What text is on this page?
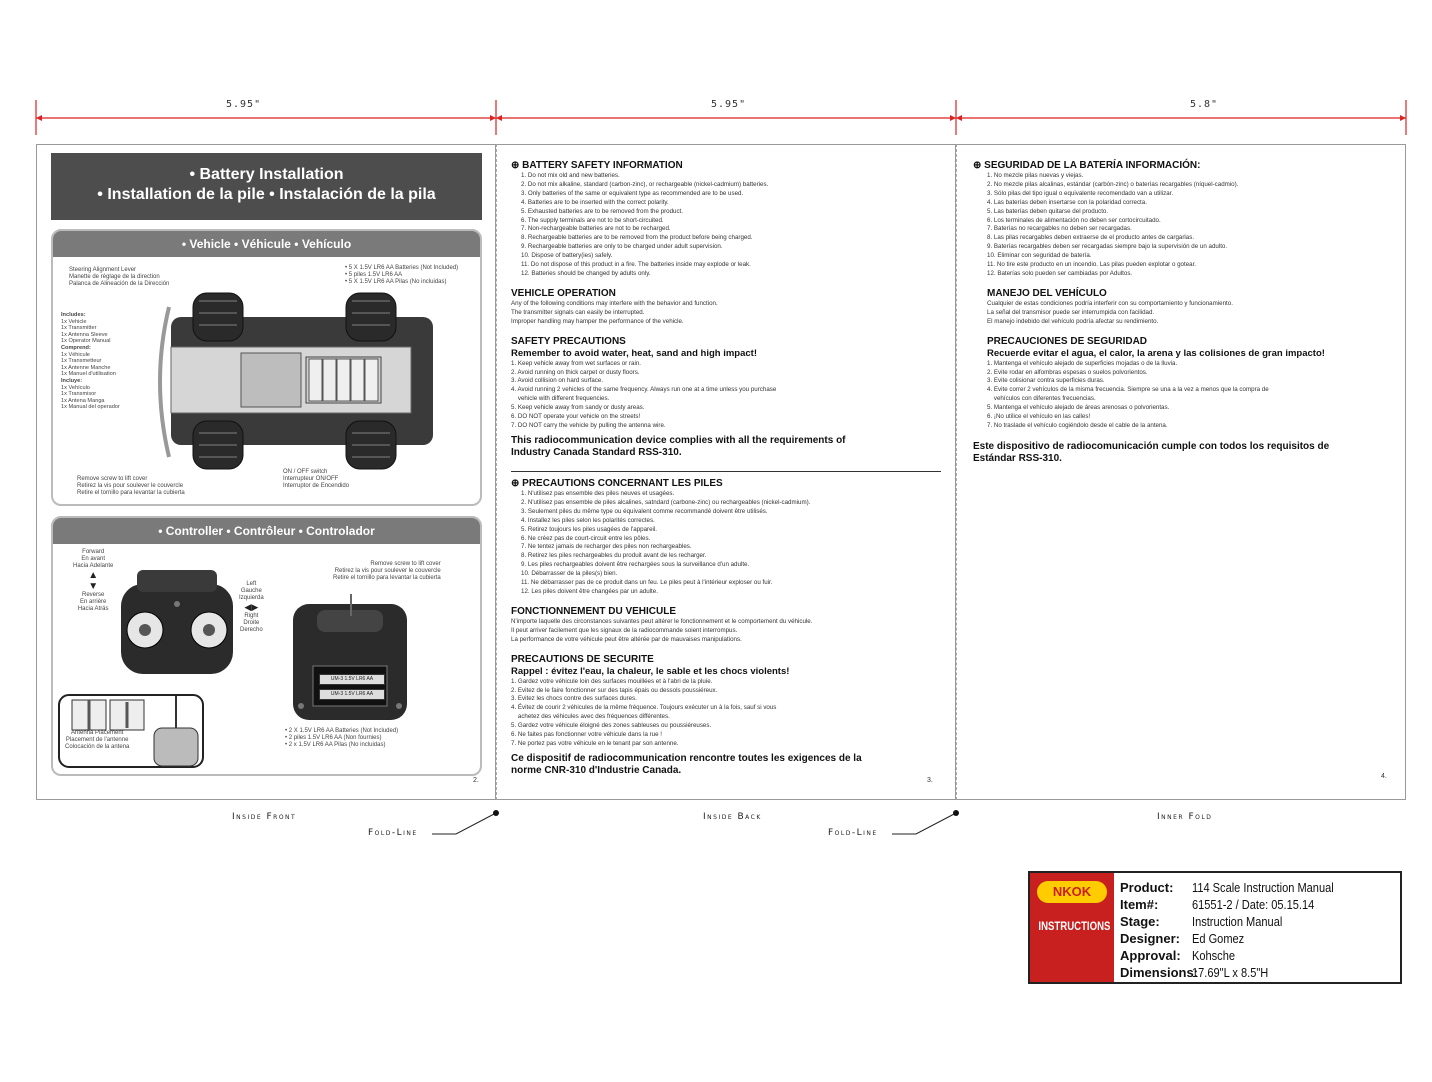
5.95"	5.95"	5.8"
• Battery Installation
• Installation de la pile • Instalación de la pila
• Vehicle • Véhicule • Vehículo
Steering Alignment Lever
Manette de réglage de la direction
Palanca de Alineación de la Dirección
• 5 X 1.5V LR6 AA Batteries (Not Included)
• 5 piles 1.5V LR6 AA
• 5 X 1.5V LR6 AA Pilas (No incluidas)
Includes:
1x Vehicle
1x Transmitter
1x Antenna Sleeve
1x Operator Manual
Comprend:
1x Véhicule
1x Transmetteur
1x Antenne Manche
1x Manuel d'utilisation
Incluye:
1x Vehículo
1x Transmisor
1x Antena Manga
1x Manual del operador
Remove screw to lift cover
Retirez la vis pour soulever le couvercle
Retire el tornillo para levantar la cubierta
ON / OFF switch
Interrupteur ON/OFF
Interruptor de Encendido
• Controller • Contrôleur • Controlador
Forward
En avant
Hacia Adelante
▲
▼
Reverse
En arrière
Hacia Atrás
Left
Gauche
Izquierda
◀▶
Right
Droite
Derecho
Remove screw to lift cover
Retirez la vis pour soulever le couvercle
Retire el tornillo para levantar la cubierta
UM-3 1.5V LR6 AA
UM-3 1.5V LR6 AA
Antenna Placement
Placement de l'antenne
Colocación de la antena
• 2 X 1.5V LR6 AA Batteries (Not Included)
• 2 piles 1.5V LR6 AA (Non fournies)
• 2 x 1.5V LR6 AA Pilas (No incluidas)
2.
⊕ BATTERY SAFETY INFORMATION
1. Do not mix old and new batteries.
2. Do not mix alkaline, standard (carbon-zinc), or rechargeable (nickel-cadmium) batteries.
3. Only batteries of the same or equivalent type as recommended are to be used.
4. Batteries are to be inserted with the correct polarity.
5. Exhausted batteries are to be removed from the product.
6. The supply terminals are not to be short-circuited.
7. Non-rechargeable batteries are not to be recharged.
8. Rechargeable batteries are to be removed from the product before being charged.
9. Rechargeable batteries are only to be charged under adult supervision.
10. Dispose of battery(ies) safely.
11. Do not dispose of this product in a fire. The batteries inside may explode or leak.
12. Batteries should be changed by adults only.
VEHICLE OPERATION
Any of the following conditions may interfere with the behavior and function.
The transmitter signals can easily be interrupted.
Improper handling may hamper the performance of the vehicle.
SAFETY PRECAUTIONS
Remember to avoid water, heat, sand and high impact!
1. Keep vehicle away from wet surfaces or rain.
2. Avoid running on thick carpet or dusty floors.
3. Avoid collision on hard surface.
4. Avoid running 2 vehicles of the same frequency. Always run one at a time unless you purchase
vehicle with different frequencies.
5. Keep vehicle away from sandy or dusty areas.
6. DO NOT operate your vehicle on the streets!
7. DO NOT carry the vehicle by pulling the antenna wire.
This radiocommunication device complies with all the requirements of Industry Canada Standard RSS-310.
⊕ PRECAUTIONS CONCERNANT LES PILES
1. N'utilisez pas ensemble des piles neuves et usagées.
2. N'utilisez pas ensemble de piles alcalines, satndard (carbone-zinc) ou rechargeables (nickel-cadmium).
3. Seulement piles du même type ou équivalent comme recommandé doivent être utilisés.
4. Installez les piles selon les polarités correctes.
5. Retirez toujours les piles usagées de l'appareil.
6. Ne créez pas de court-circuit entre les pôles.
7. Ne tentez jamais de recharger des piles non rechargeables.
8. Retirez les piles rechargeables du produit avant de les recharger.
9. Les piles rechargeables doivent être rechargées sous la surveillance d'un adulte.
10. Débarrasser de la piles(s) bien.
11. Ne débarrasser pas de ce produit dans un feu. Le piles peut à l'intérieur exploser ou fuir.
12. Les piles doivent être changées par un adulte.
FONCTIONNEMENT DU VEHICULE
N'importe laquelle des circonstances suivantes peut altérer le fonctionnement et le comportement du véhicule.
Il peut arriver facilement que les signaux de la radiocommande soient interrompus.
La performance de votre véhicule peut être altérée par de mauvaises manipulations.
PRECAUTIONS DE SECURITE
Rappel : évitez l'eau, la chaleur, le sable et les chocs violents!
1. Gardez votre véhicule loin des surfaces mouillées et à l'abri de la pluie.
2. Evitez de le faire fonctionner sur des tapis épais ou dessols poussiéreux.
3. Evitez les chocs contre des surfaces dures.
4. Évitez de courir 2 véhicules de la même fréquence. Toujours exécuter un à la fois, sauf si vous
achetez des véhicules avec des fréquences différentes.
5. Gardez votre véhicule éloigné des zones sableuses ou poussiéreuses.
6. Ne faites pas fonctionner votre véhicule dans la rue !
7. Ne portez pas votre véhicule en le tenant par son antenne.
Ce dispositif de radiocommunication rencontre toutes les exigences de la norme CNR-310 d'Industrie Canada.
3.
⊕ SEGURIDAD DE LA BATERÍA INFORMACIÓN:
1. No mezcle pilas nuevas y viejas.
2. No mezcle pilas alcalinas, estándar (carbón-zinc) o baterías recargables (níquel-cadmio).
3. Sólo pilas del tipo igual o equivalente recomendado van a utilizar.
4. Las baterías deben insertarse con la polaridad correcta.
5. Las baterías deben quitarse del producto.
6. Los terminales de alimentación no deben ser cortocircuitado.
7. Baterías no recargables no deben ser recargadas.
8. Las pilas recargables deben extraerse de el producto antes de cargarlas.
9. Baterías recargables deben ser recargadas siempre bajo la supervisión de un adulto.
10. Eliminar con seguridad de batería.
11. No tire este producto en un incendio. Las pilas pueden explotar o gotear.
12. Baterías solo pueden ser cambiadas por Adultos.
MANEJO DEL VEHÍCULO
Cualquier de estas condiciones podría interferir con su comportamiento y funcionamiento.
La señal del transmisor puede ser interrumpida con facilidad.
El manejo indebido del vehículo podría afectar su rendimiento.
PRECAUCIONES DE SEGURIDAD
Recuerde evitar el agua, el calor, la arena y las colisiones de gran impacto!
1. Mantenga el vehículo alejado de superficies mojadas o de la lluvia.
2. Evite rodar en alfombras espesas o suelos polvorientos.
3. Evite colisionar contra superficies duras.
4. Evite correr 2 vehículos de la misma frecuencia. Siempre se una a la vez a menos que la compra de
vehículos con diferentes frecuencias.
5. Mantenga el vehículo alejado de áreas arenosas o polvorientas.
6. ¡No utilice el vehículo en las calles!
7. No traslade el vehículo cogiéndolo desde el cable de la antena.
Este dispositivo de radiocomunicación cumple con todos los requisitos de Estándar RSS-310.
4.
Inside Front	Inside Back	Inner Fold
Fold-Line	Fold-Line
NKOK
INSTRUCTIONS
Product:	114 Scale Instruction Manual
Item#:	61551-2 / Date: 05.15.14
Stage:	Instruction Manual
Designer: Ed Gomez
Approval: Kohsche
Dimensions:
17.69"L x 8.5"H
